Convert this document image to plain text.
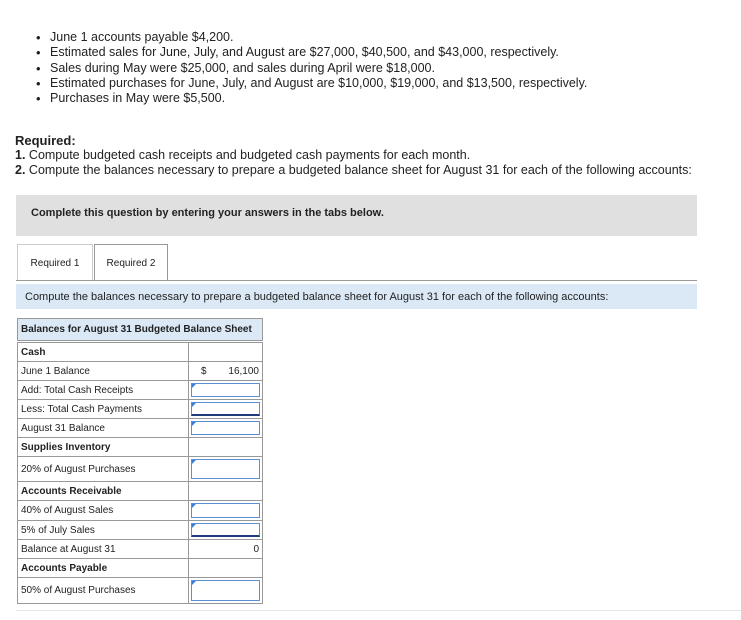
• June 1 accounts payable $4,200.
• Estimated sales for June, July, and August are $27,000, $40,500, and $43,000, respectively.
• Sales during May were $25,000, and sales during April were $18,000.
• Estimated purchases for June, July, and August are $10,000, $19,000, and $13,500, respectively.
• Purchases in May were $5,500.
Required:
1. Compute budgeted cash receipts and budgeted cash payments for each month.
2. Compute the balances necessary to prepare a budgeted balance sheet for August 31 for each of the following accounts:
Complete this question by entering your answers in the tabs below.
Required 1	Required 2
Compute the balances necessary to prepare a budgeted balance sheet for August 31 for each of the following accounts:
Balances for August 31 Budgeted Balance Sheet
Cash	
June 1 Balance	$ 16,100

Add: Total Cash Receipts	

Less: Total Cash Payments	

August 31 Balance	

Supplies Inventory	
20% of August Purchases	

Accounts Receivable	
40% of August Sales	

5% of July Sales	

Balance at August 31	0

Accounts Payable	
50% of August Purchases	
